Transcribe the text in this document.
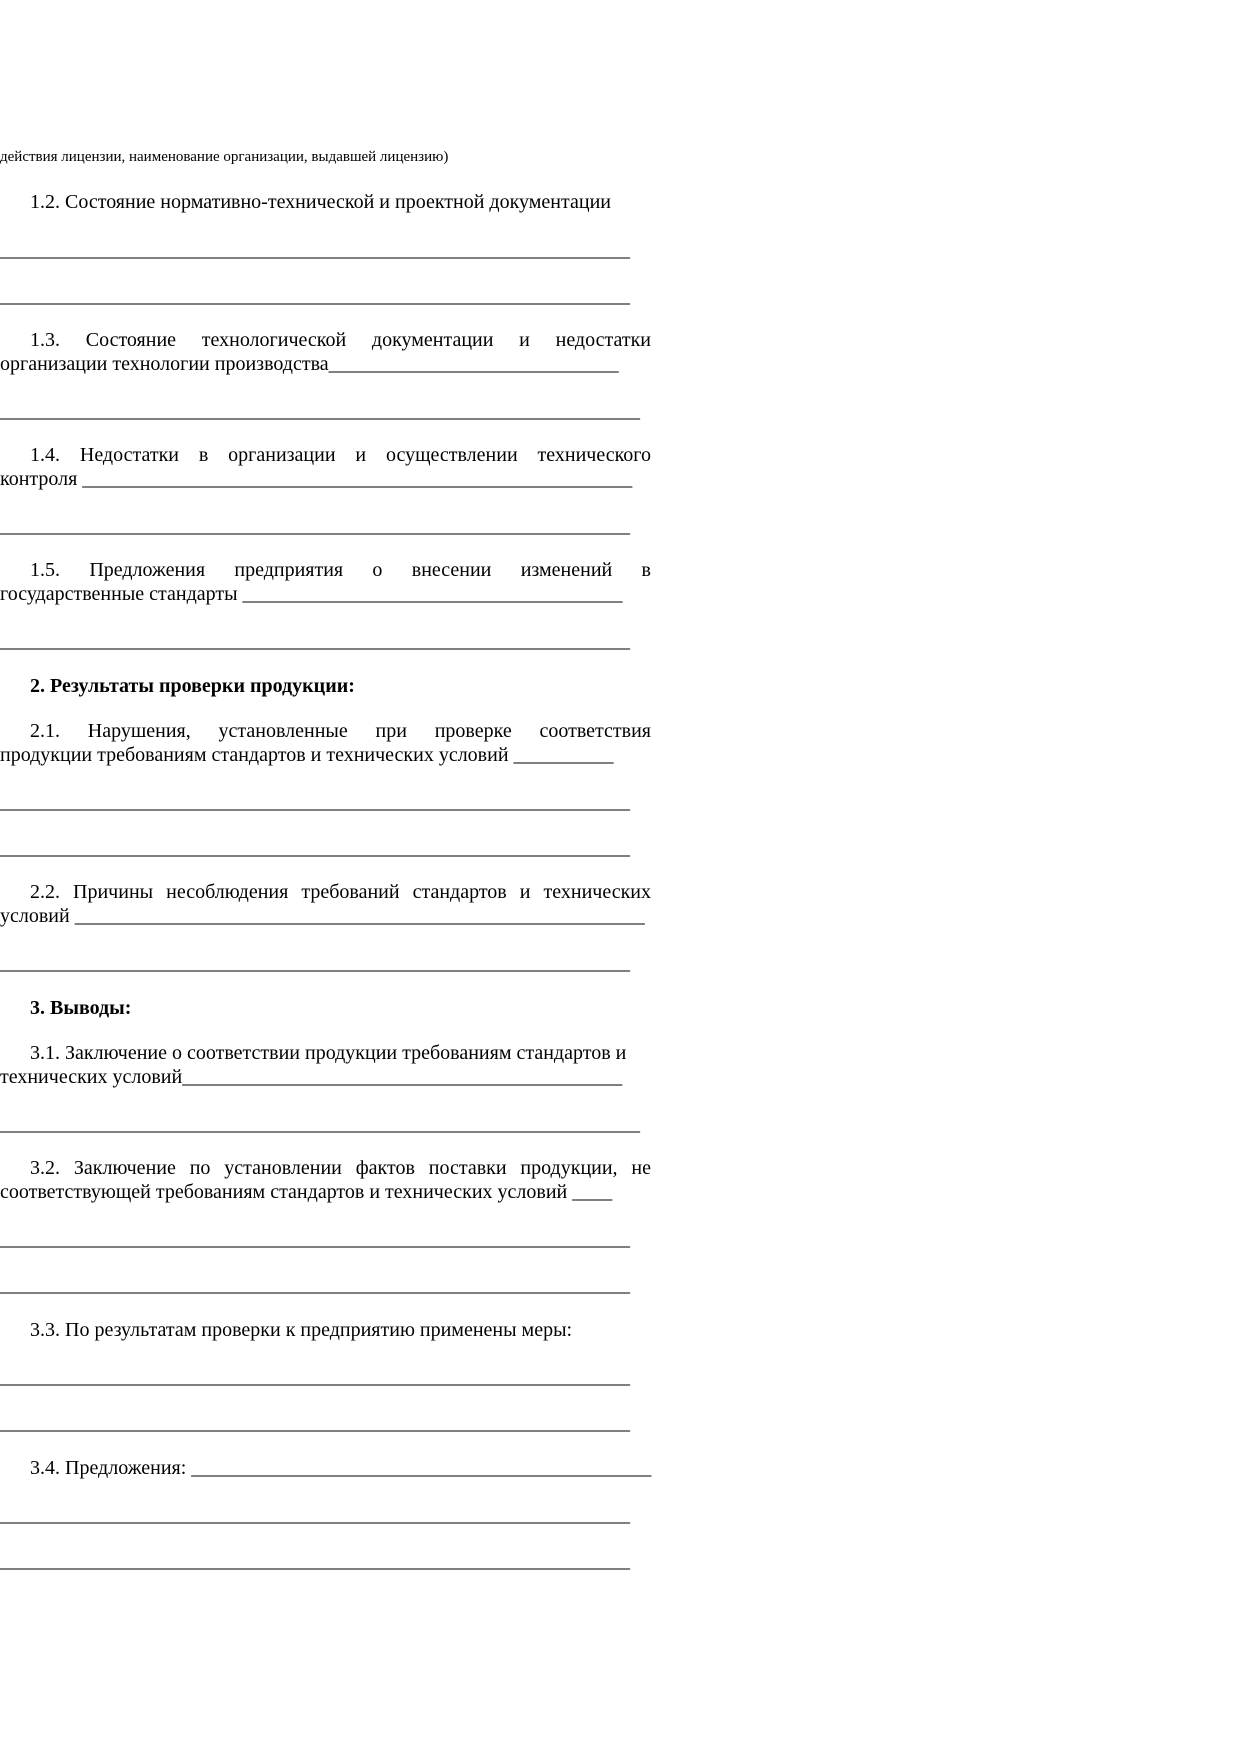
действия лицензии, наименование организации, выдавшей лицензию)

1.2. Состояние нормативно-технической и проектной документации

_______________________________________________________________

_______________________________________________________________

1.3. Состояние технологической документации и недостатки

организации технологии производства_____________________________

________________________________________________________________

1.4. Недостатки в организации и осуществлении технического

контроля _______________________________________________________

_______________________________________________________________

1.5. Предложения предприятия о внесении изменений в

государственные стандарты ______________________________________

_______________________________________________________________

2. Результаты проверки продукции:

2.1. Нарушения, установленные при проверке соответствия

продукции требованиям стандартов и технических условий __________

_______________________________________________________________

_______________________________________________________________

2.2. Причины несоблюдения требований стандартов и технических

условий _________________________________________________________

_______________________________________________________________

3. Выводы:

3.1. Заключение о соответствии продукции требованиям стандартов и

технических условий____________________________________________

________________________________________________________________

3.2. Заключение по установлении фактов поставки продукции, не

соответствующей требованиям стандартов и технических условий ____

_______________________________________________________________

_______________________________________________________________

3.3. По результатам проверки к предприятию применены меры:

_______________________________________________________________

_______________________________________________________________

3.4. Предложения: ______________________________________________

_______________________________________________________________

_______________________________________________________________
